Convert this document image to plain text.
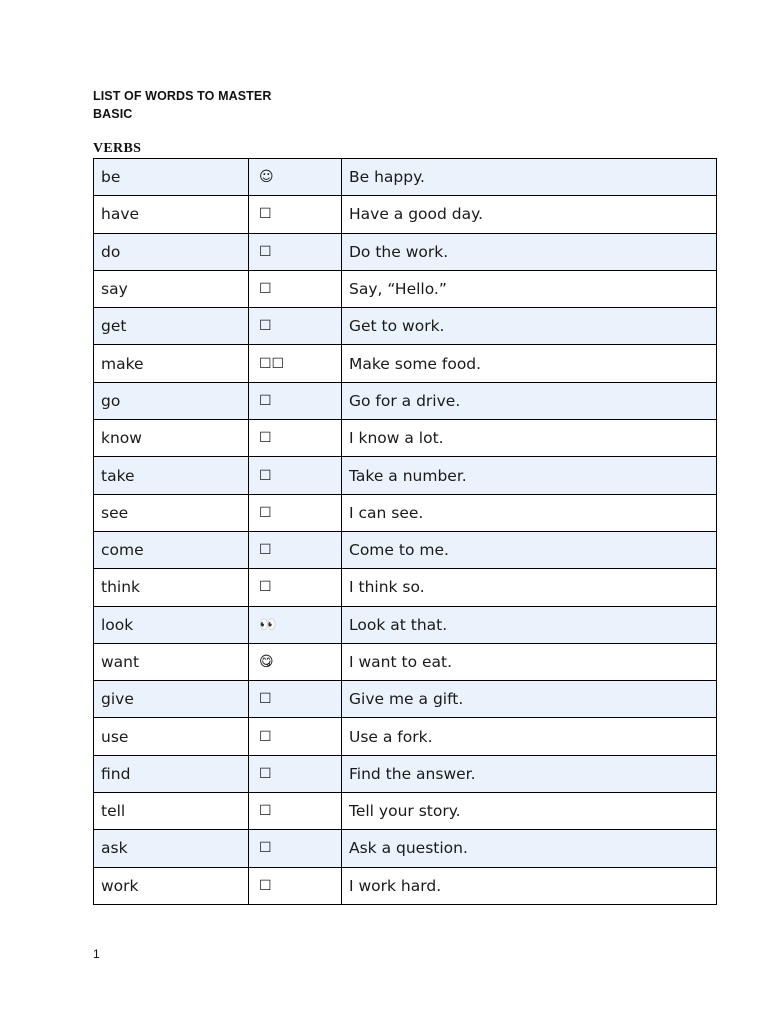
LIST OF WORDS TO MASTER

BASIC

VERBS

be	☺	Be happy.
have	☐	Have a good day.
do	☐	Do the work.
say	☐	Say, “Hello.”
get	☐	Get to work.
make	☐☐	Make some food.
go	☐	Go for a drive.
know	☐	I know a lot.
take	☐	Take a number.
see	☐	I can see.
come	☐	Come to me.
think	☐	I think so.
look	👀	Look at that.
want	😋	I want to eat.
give	☐	Give me a gift.
use	☐	Use a fork.
find	☐	Find the answer.
tell	☐	Tell your story.
ask	☐	Ask a question.
work	☐	I work hard.
1
